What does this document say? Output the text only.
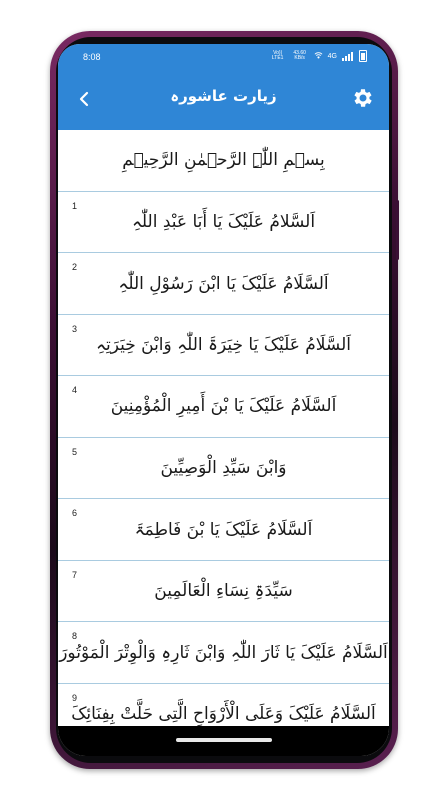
8:08	Vo)) LTE1
43.60 KB/s	4G
زیارت عاشورہ
بِسۡمِ اللّٰہِ الرَّحۡمٰنِ الرَّحِیۡمِ
1
اَلسَّلامُ عَلَیْکَ یَا أَبَا عَبْدِ اللّٰہِ
2
اَلسَّلَامُ عَلَیْکَ یَا ابْنَ رَسُوْلِ اللّٰہِ
3
اَلسَّلَامُ عَلَیْکَ یَا خِیَرَۃَ اللّٰہِ وَابْنَ خِیَرَتِہِ
4
اَلسَّلَامُ عَلَیْکَ یَا بْنَ أَمِیرِ الْمُؤْمِنِینَ
5
وَابْنَ سَیِّدِ الْوَصِیِّینَ
6
اَلسَّلَامُ عَلَیْکَ یَا بْنَ فَاطِمَۃَ
7
سَیِّدَۃِ نِسَاءِ الْعَالَمِینَ
8
اَلسَّلَامُ عَلَیْکَ یَا ثَارَ اللّٰہِ وَابْنَ ثَارِہِ وَالْوِتْرَ الْمَوْتُورَ
9
اَلسَّلَامُ عَلَیْکَ وَعَلَی الْأَرْوَاحِ الَّتِی حَلَّتْ بِفِنَائِکَ
